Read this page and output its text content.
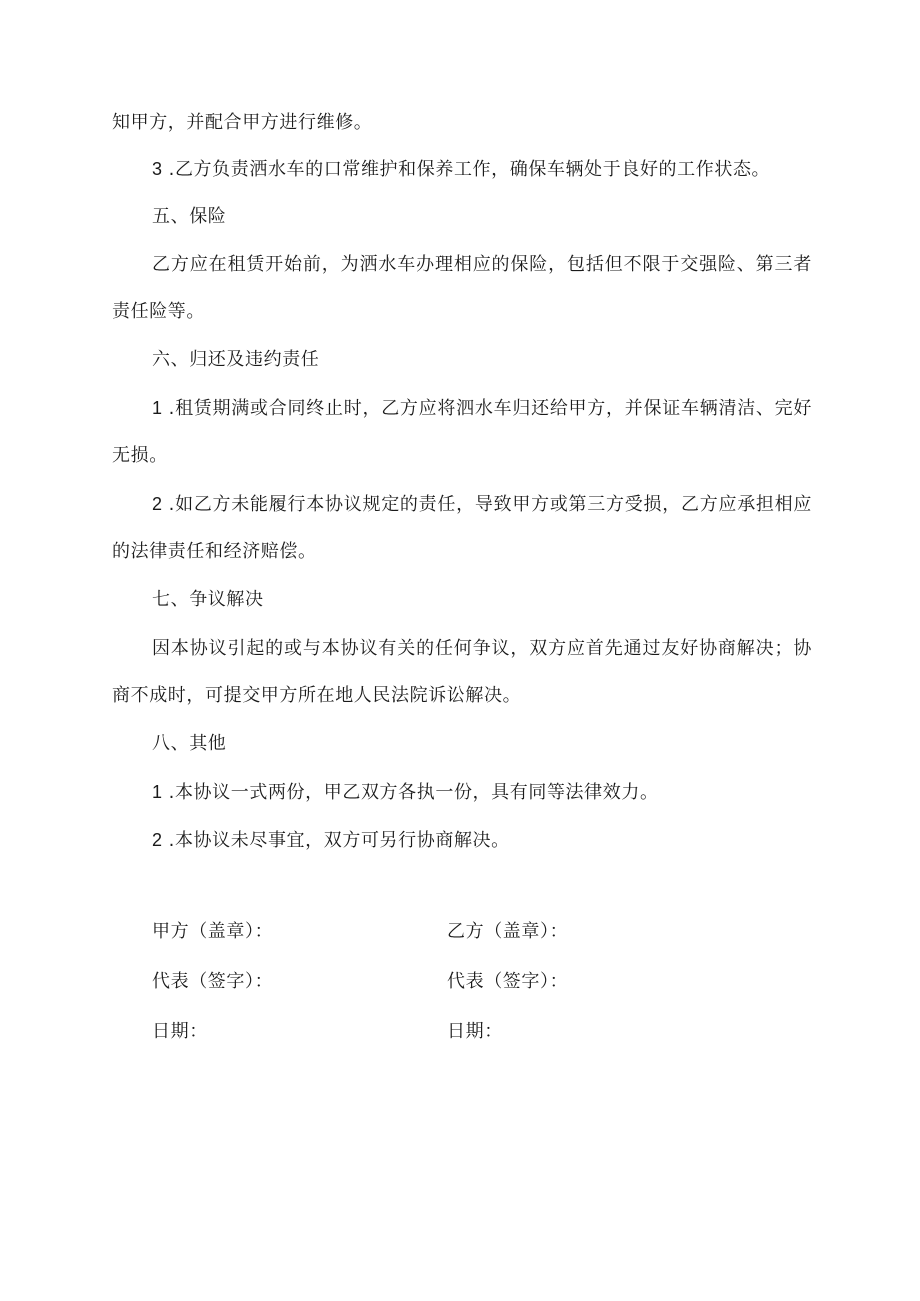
知甲方，并配合甲方进行维修。
3 .乙方负责洒水车的口常维护和保养工作，确保车辆处于良好的工作状态。
五、保险
乙方应在租赁开始前，为洒水车办理相应的保险，包括但不限于交强险、第三者
责任险等。
六、归还及违约责任
1 .租赁期满或合同终止时，乙方应将泗水车归还给甲方，并保证车辆清洁、完好
无损。
2 .如乙方未能履行本协议规定的责任，导致甲方或第三方受损，乙方应承担相应
的法律责任和经济赔偿。
七、争议解决
因本协议引起的或与本协议有关的任何争议，双方应首先通过友好协商解决；协
商不成时，可提交甲方所在地人民法院诉讼解决。
八、其他
1 .本协议一式两份，甲乙双方各执一份，具有同等法律效力。
2 .本协议未尽事宜，双方可另行协商解决。
甲方（盖章）：	乙方（盖章）：
代表（签字）：	代表（签字）：
日期：	日期：
